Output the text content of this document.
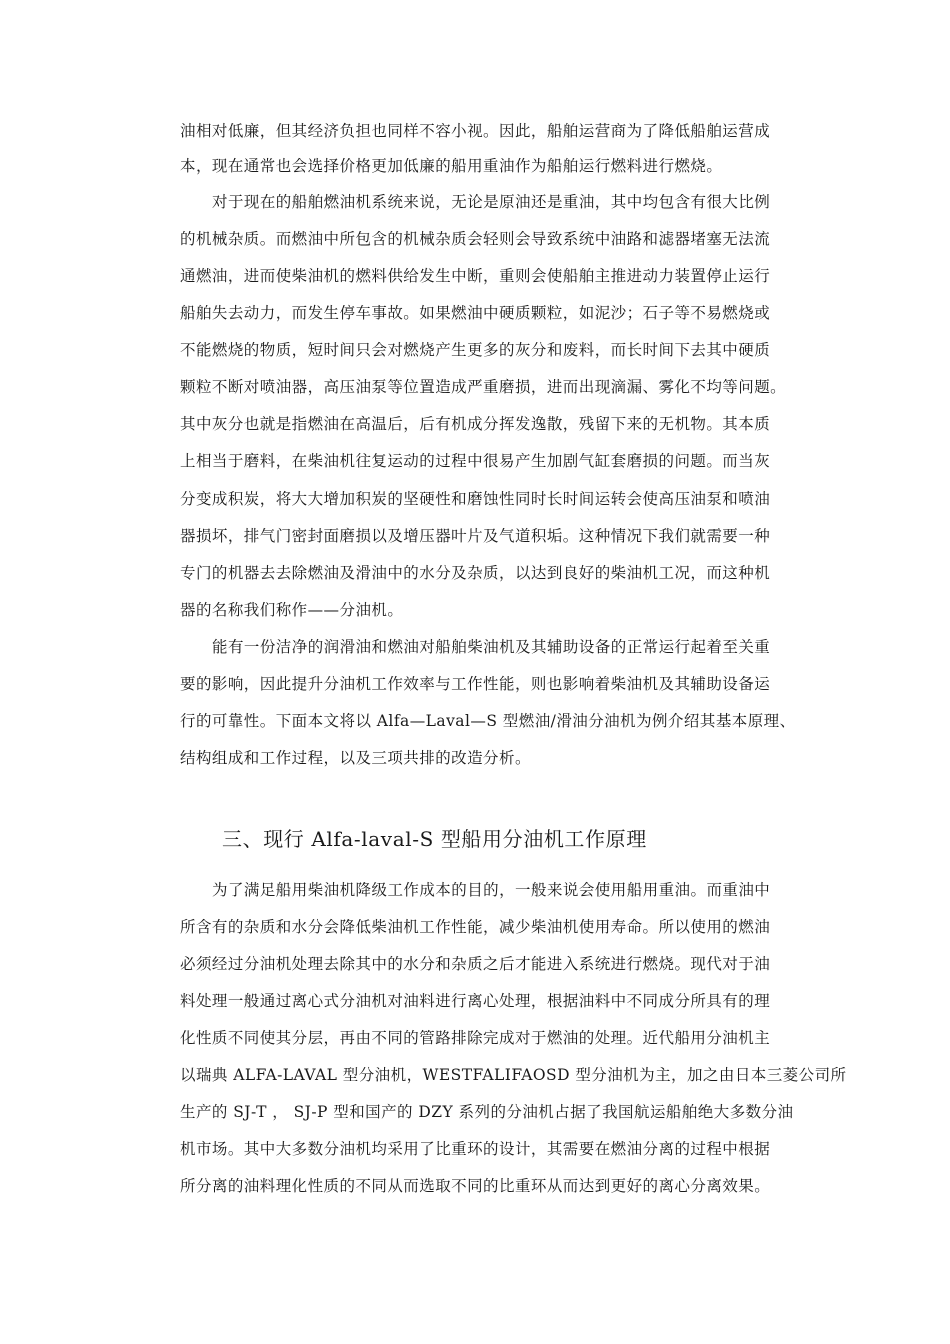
油相对低廉，但其经济负担也同样不容小视。因此，船舶运营商为了降低船舶运营成
本，现在通常也会选择价格更加低廉的船用重油作为船舶运行燃料进行燃烧。
对于现在的船舶燃油机系统来说，无论是原油还是重油，其中均包含有很大比例
的机械杂质。而燃油中所包含的机械杂质会轻则会导致系统中油路和滤器堵塞无法流
通燃油，进而使柴油机的燃料供给发生中断，重则会使船舶主推进动力装置停止运行
船舶失去动力，而发生停车事故。如果燃油中硬质颗粒，如泥沙；石子等不易燃烧或
不能燃烧的物质，短时间只会对燃烧产生更多的灰分和废料，而长时间下去其中硬质
颗粒不断对喷油器，高压油泵等位置造成严重磨损，进而出现滴漏、雾化不均等问题。
其中灰分也就是指燃油在高温后，后有机成分挥发逸散，残留下来的无机物。其本质
上相当于磨料，在柴油机往复运动的过程中很易产生加剧气缸套磨损的问题。而当灰
分变成积炭，将大大增加积炭的坚硬性和磨蚀性同时长时间运转会使高压油泵和喷油
器损坏，排气门密封面磨损以及增压器叶片及气道积垢。这种情况下我们就需要一种
专门的机器去去除燃油及滑油中的水分及杂质，以达到良好的柴油机工况，而这种机
器的名称我们称作——分油机。
能有一份洁净的润滑油和燃油对船舶柴油机及其辅助设备的正常运行起着至关重
要的影响，因此提升分油机工作效率与工作性能，则也影响着柴油机及其辅助设备运
行的可靠性。下面本文将以 Alfa—Laval—S 型燃油/滑油分油机为例介绍其基本原理、
结构组成和工作过程，以及三项共排的改造分析。
三、现行 Alfa-laval-S 型船用分油机工作原理
为了满足船用柴油机降级工作成本的目的，一般来说会使用船用重油。而重油中
所含有的杂质和水分会降低柴油机工作性能，减少柴油机使用寿命。所以使用的燃油
必须经过分油机处理去除其中的水分和杂质之后才能进入系统进行燃烧。现代对于油
料处理一般通过离心式分油机对油料进行离心处理，根据油料中不同成分所具有的理
化性质不同使其分层，再由不同的管路排除完成对于燃油的处理。近代船用分油机主
以瑞典 ALFA-LAVAL 型分油机，WESTFALIFAOSD 型分油机为主，加之由日本三菱公司所
生产的 SJ-T ， SJ-P 型和国产的 DZY 系列的分油机占据了我国航运船舶绝大多数分油
机市场。其中大多数分油机均采用了比重环的设计，其需要在燃油分离的过程中根据
所分离的油料理化性质的不同从而选取不同的比重环从而达到更好的离心分离效果。
